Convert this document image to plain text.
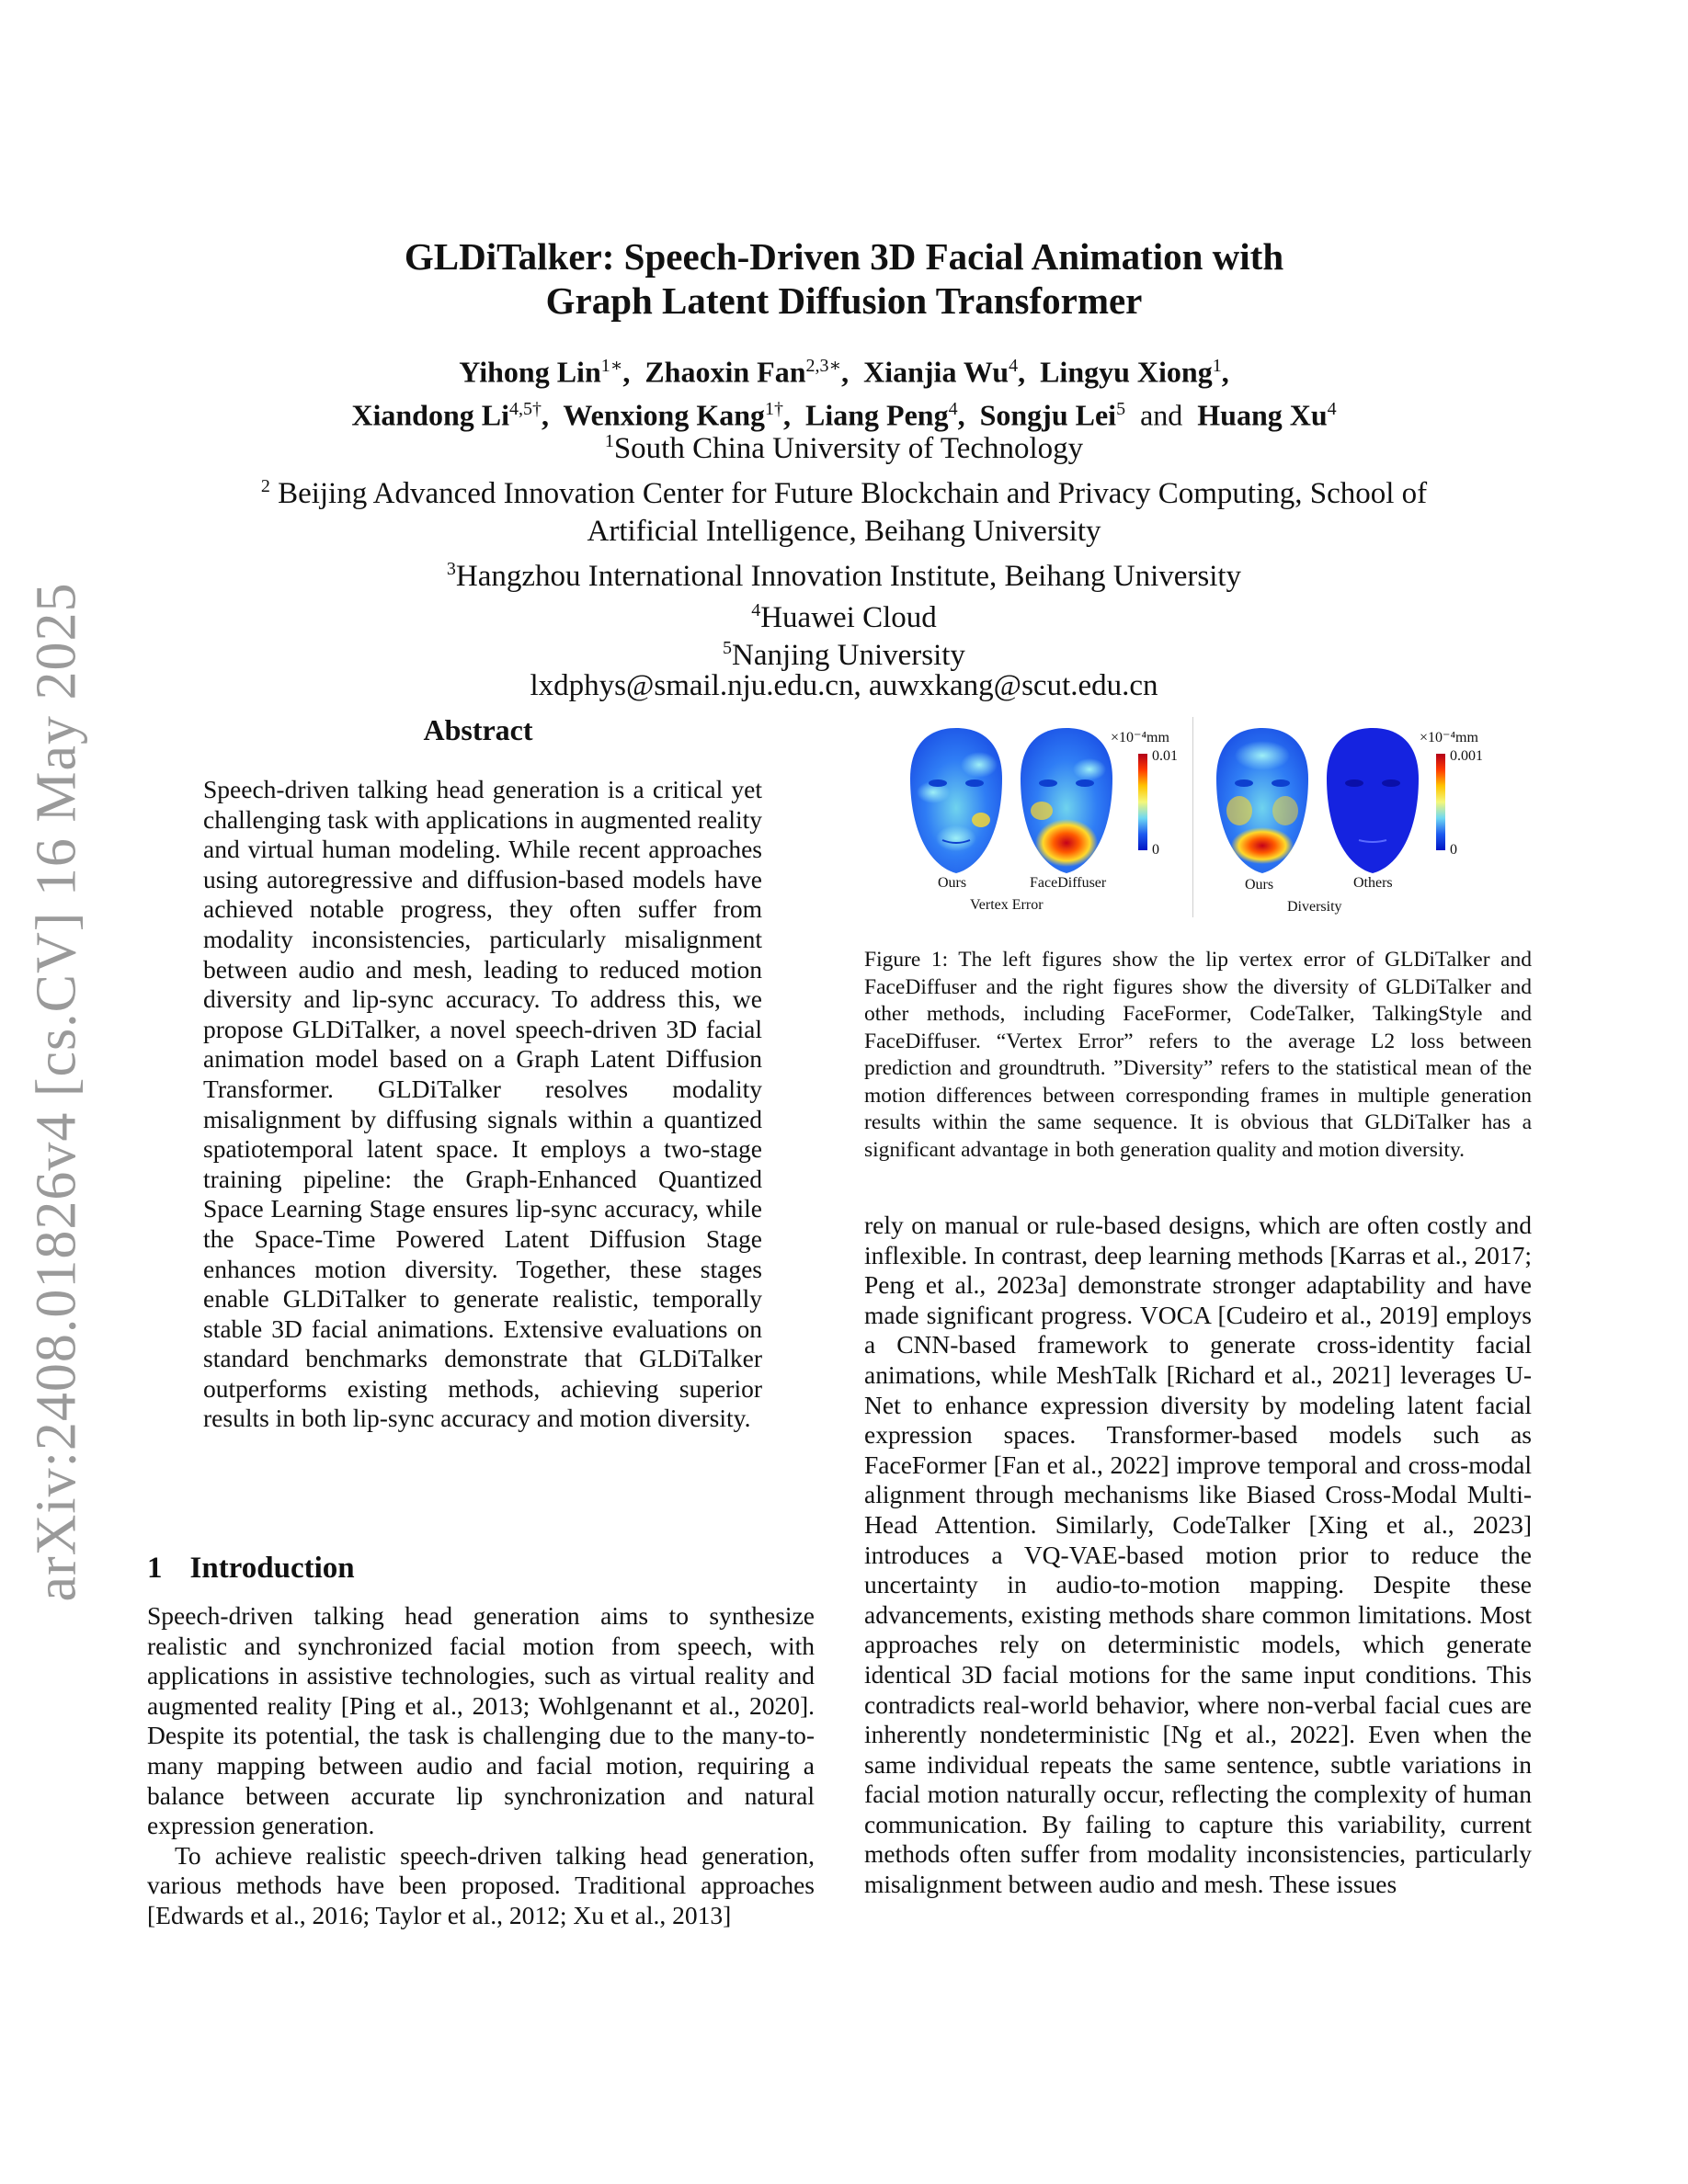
arXiv:2408.01826v4 [cs.CV] 16 May 2025
GLDiTalker: Speech-Driven 3D Facial Animation with
Graph Latent Diffusion Transformer
Yihong Lin$^{1∗}$,  Zhaoxin Fan$^{2,3∗}$,  Xianjia Wu$^4$,  Lingyu Xiong$^1$,
Xiandong $Li^{4,5\dagger}$,  Wenxiong Kang$^{1\dagger}$,  Liang Peng$^4$,  Songju Lei$^5$ and Huang Xu$^4$
$^1$South China University of Technology
$^2$ Beijing Advanced Innovation Center for Future Blockchain and Privacy Computing, School of
Artificial Intelligence, Beihang University
$^3$Hangzhou International Innovation Institute, Beihang University
$^4$Huawei Cloud
$^5$Nanjing University
lxdphys@smail.nju.edu.cn, auwxkang@scut.edu.cn
Abstract

Speech-driven talking head generation is a critical yet challenging task with applications in augmented reality and virtual human modeling. While recent approaches using autoregressive and diffusion-based models have achieved notable progress, they often suffer from modality inconsistencies, particularly misalignment between audio and mesh, leading to reduced motion diversity and lip-sync accuracy. To address this, we propose GLDiTalker, a novel speech-driven 3D facial animation model based on a Graph Latent Diffusion Transformer. GLDiTalker resolves modality misalignment by diffusing signals within a quantized spatiotemporal latent space. It employs a two-stage training pipeline: the Graph-Enhanced Quantized Space Learning Stage ensures lip-sync accuracy, while the Space-Time Powered Latent Diffusion Stage enhances motion diversity. Together, these stages enable GLDiTalker to generate realistic, temporally stable 3D facial animations. Extensive evaluations on standard benchmarks demonstrate that GLDiTalker outperforms existing methods, achieving superior results in both lip-sync accuracy and motion diversity.

×10⁻⁴mm
0.01
0
×10⁻⁴mm
0.001
0
Ours	FaceDiffuser
Vertex Error
Ours	Others
Diversity
Figure 1: The left figures show the lip vertex error of GLDiTalker and FaceDiffuser and the right figures show the diversity of GLDiTalker and other methods, including FaceFormer, CodeTalker, TalkingStyle and FaceDiffuser. “Vertex Error” refers to the average L2 loss between prediction and groundtruth. ”Diversity” refers to the statistical mean of the motion differences between corresponding frames in multiple generation results within the same sequence. It is obvious that GLDiTalker has a significant advantage in both generation quality and motion diversity.
1 Introduction

Speech-driven talking head generation aims to synthesize realistic and synchronized facial motion from speech, with applications in assistive technologies, such as virtual reality and augmented reality [Ping et al., 2013; Wohlgenannt et al., 2020]. Despite its potential, the task is challenging due to the many-to-many mapping between audio and facial motion, requiring a balance between accurate lip synchronization and natural expression generation.

To achieve realistic speech-driven talking head generation, various methods have been proposed. Traditional approaches [Edwards et al., 2016; Taylor et al., 2012; Xu et al., 2013]

rely on manual or rule-based designs, which are often costly and inflexible. In contrast, deep learning methods [Karras et al., 2017; Peng et al., 2023a] demonstrate stronger adaptability and have made significant progress. VOCA [Cudeiro et al., 2019] employs a CNN-based framework to generate cross-identity facial animations, while MeshTalk [Richard et al., 2021] leverages U-Net to enhance expression diversity by modeling latent facial expression spaces. Transformer-based models such as FaceFormer [Fan et al., 2022] improve temporal and cross-modal alignment through mechanisms like Biased Cross-Modal Multi-Head Attention. Similarly, CodeTalker [Xing et al., 2023] introduces a VQ-VAE-based motion prior to reduce the uncertainty in audio-to-motion mapping. Despite these advancements, existing methods share common limitations. Most approaches rely on deterministic models, which generate identical 3D facial motions for the same input conditions. This contradicts real-world behavior, where non-verbal facial cues are inherently nondeterministic [Ng et al., 2022]. Even when the same individual repeats the same sentence, subtle variations in facial motion naturally occur, reflecting the complexity of human communication. By failing to capture this variability, current methods often suffer from modality inconsistencies, particularly misalignment between audio and mesh. These issues
